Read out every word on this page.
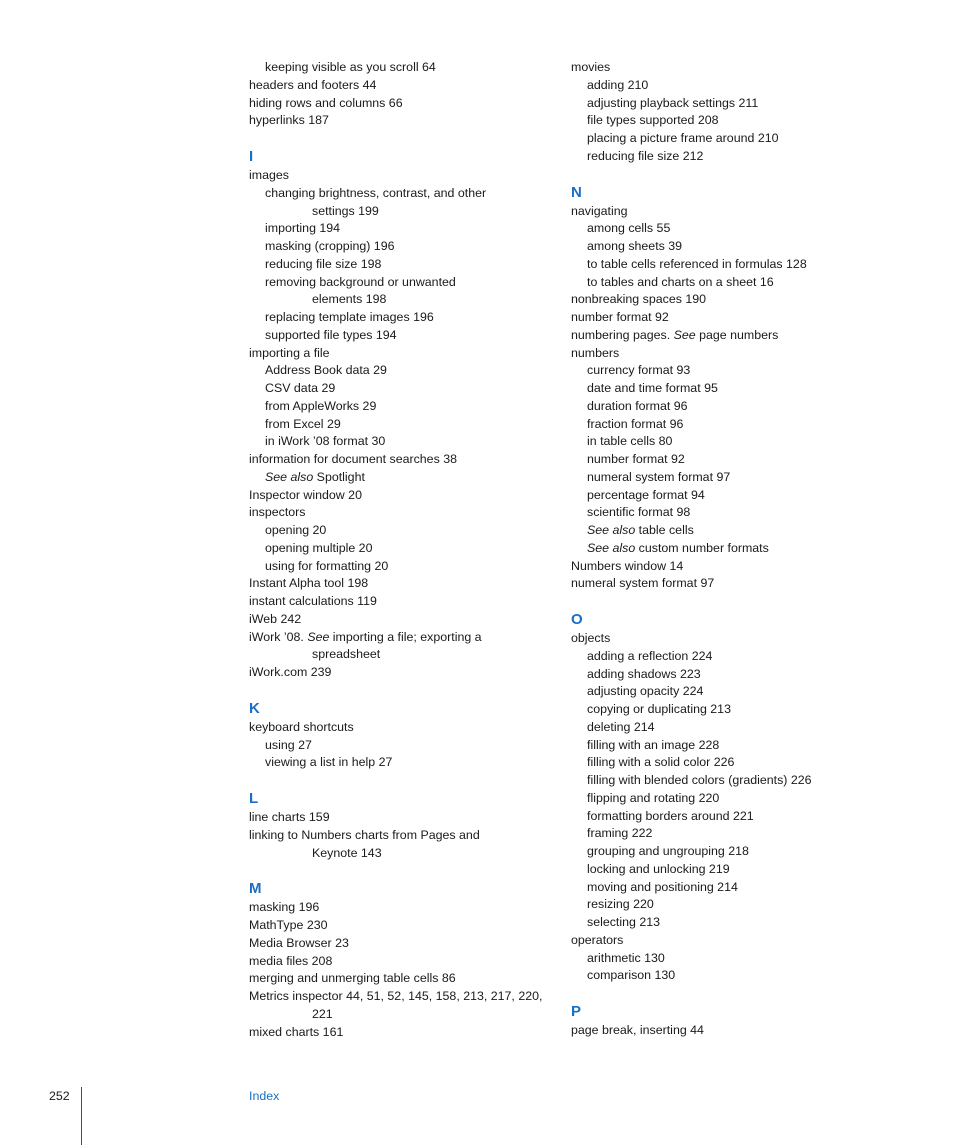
keeping visible as you scroll 64
headers and footers 44
hiding rows and columns 66
hyperlinks 187
I
images
changing brightness, contrast, and other
settings 199
importing 194
masking (cropping) 196
reducing file size 198
removing background or unwanted
elements 198
replacing template images 196
supported file types 194
importing a file
Address Book data 29
CSV data 29
from AppleWorks 29
from Excel 29
in iWork ’08 format 30
information for document searches 38
See also Spotlight
Inspector window 20
inspectors
opening 20
opening multiple 20
using for formatting 20
Instant Alpha tool 198
instant calculations 119
iWeb 242
iWork ’08. See importing a file; exporting a
spreadsheet
iWork.com 239
K
keyboard shortcuts
using 27
viewing a list in help 27
L
line charts 159
linking to Numbers charts from Pages and
Keynote 143
M
masking 196
MathType 230
Media Browser 23
media files 208
merging and unmerging table cells 86
Metrics inspector 44, 51, 52, 145, 158, 213, 217, 220,
221
mixed charts 161
movies
adding 210
adjusting playback settings 211
file types supported 208
placing a picture frame around 210
reducing file size 212
N
navigating
among cells 55
among sheets 39
to table cells referenced in formulas 128
to tables and charts on a sheet 16
nonbreaking spaces 190
number format 92
numbering pages. See page numbers
numbers
currency format 93
date and time format 95
duration format 96
fraction format 96
in table cells 80
number format 92
numeral system format 97
percentage format 94
scientific format 98
See also table cells
See also custom number formats
Numbers window 14
numeral system format 97
O
objects
adding a reflection 224
adding shadows 223
adjusting opacity 224
copying or duplicating 213
deleting 214
filling with an image 228
filling with a solid color 226
filling with blended colors (gradients) 226
flipping and rotating 220
formatting borders around 221
framing 222
grouping and ungrouping 218
locking and unlocking 219
moving and positioning 214
resizing 220
selecting 213
operators
arithmetic 130
comparison 130
P
page break, inserting 44
252	Index
